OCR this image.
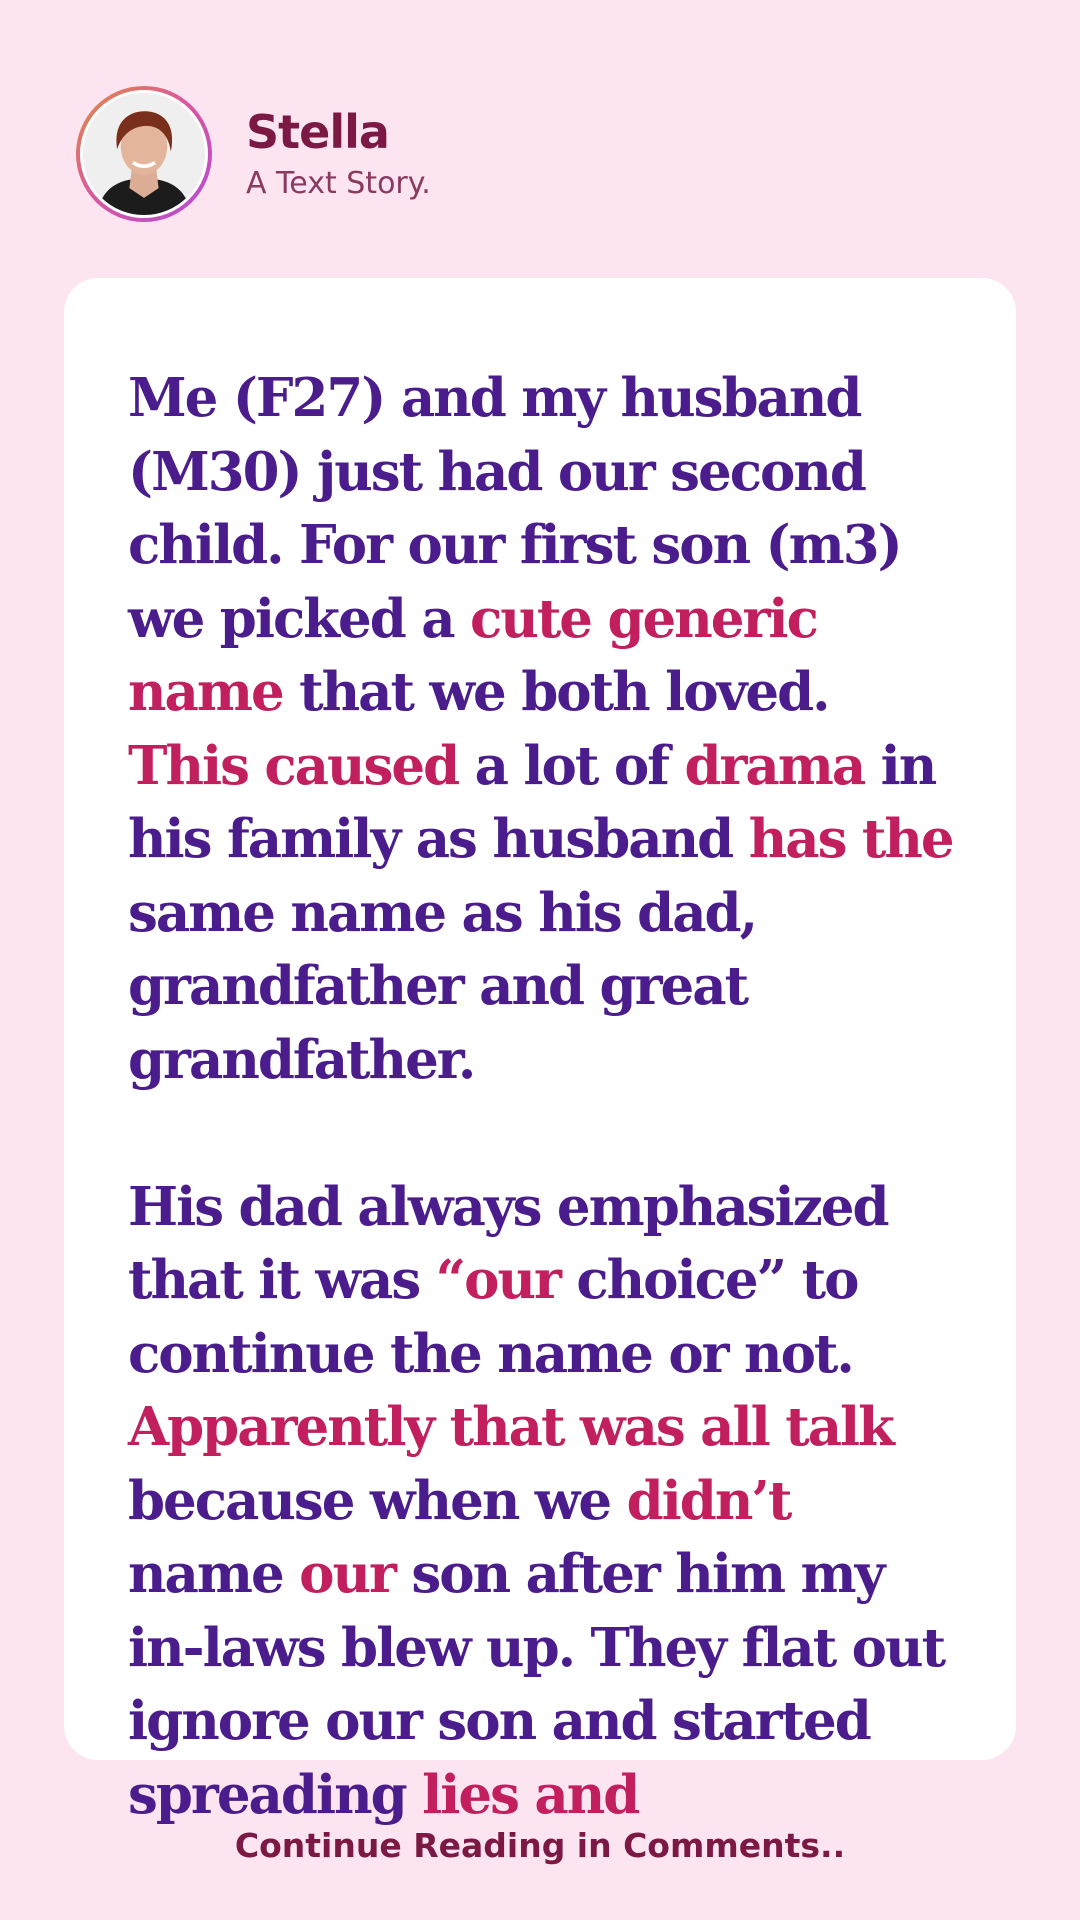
Stella
A Text Story.

Me (F27) and my husband (M30) just had our second child. For our first son (m3) we picked a cute generic name that we both loved. This caused a lot of drama in his family as husband has the same name as his dad, grandfather and great grandfather.

His dad always emphasized that it was “our choice” to continue the name or not. Apparently that was all talk because when we didn’t name our son after him my in-laws blew up. They flat out ignore our son and started spreading lies and

Continue Reading in Comments..
